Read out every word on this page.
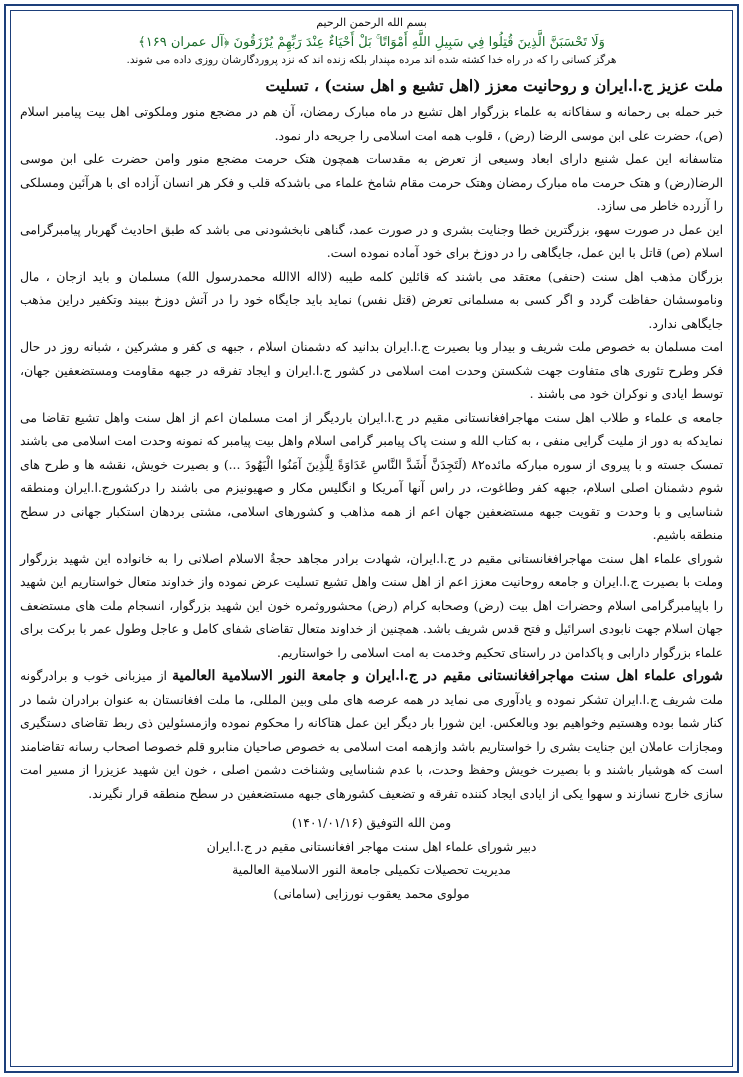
بسم الله الرحمن الرحیم
وَلَا تَحْسَبَنَّ الَّذِينَ قُتِلُوا فِي سَبِيلِ اللَّهِ أَمْوَاتًا ۚ بَلْ أَحْيَاءٌ عِنْدَ رَبِّهِمْ يُرْزَقُونَ ﴿آل عمران ۱۶۹﴾
هرگز کسانی را که در راه خدا کشته شده اند مرده مپندار بلکه زنده اند که نزد پروردگارشان روزی داده می شوند.
ملت عزیز ج.ا.ایران و روحانیت معزز (اهل تشیع و اهل سنت) ، تسلیت

خبر حمله بی رحمانه و سفاکانه به علماء بزرگوار اهل تشیع در ماه مبارک رمضان، آن هم در مضجع منور وملکوتی اهل بیت پیامبر اسلام (ص)، حضرت علی ابن موسی الرضا (رض) ، قلوب همه امت اسلامی را جریحه دار نمود.

متاسفانه این عمل شنیع دارای ابعاد وسیعی از تعرض به مقدسات همچون هتک حرمت مضجع منور وامن حضرت علی ابن موسی الرضا(رض) و هتک حرمت ماه مبارک رمضان وهتک حرمت مقام شامخ علماء می باشدکه قلب و فکر هر انسان آزاده ای با هرآئین ومسلکی را آزرده خاطر می سازد.

این عمل در صورت سهو، بزرگترین خطا وجنایت بشری و در صورت عمد، گناهی نابخشودنی می باشد که طبق احادیث گهربار پیامبرگرامی اسلام (ص) قاتل با این عمل، جایگاهی را در دوزخ برای خود آماده نموده است.

بزرگان مذهب اهل سنت (حنفی) معتقد می باشند که قائلین کلمه طیبه (لااله الاالله محمدرسول الله) مسلمان و باید ازجان ، مال وناموسشان حفاظت گردد و اگر کسی به مسلمانی تعرض (قتل نفس) نماید باید جایگاه خود را در آتش دوزخ ببیند وتکفیر دراین مذهب جایگاهی ندارد.

امت مسلمان به خصوص ملت شریف و بیدار وبا بصیرت ج.ا.ایران بدانید که دشمنان اسلام ، جبهه ی کفر و مشرکین ، شبانه روز در حال فکر وطرح تئوری های متفاوت جهت شکستن وحدت امت اسلامی در کشور ج.ا.ایران و ایجاد تفرقه در جبهه مقاومت ومستضعفین جهان، توسط ایادی و نوکران خود می باشند .

جامعه ی علماء و طلاب اهل سنت مهاجرافغانستانی مقیم در ج.ا.ایران باردیگر از امت مسلمان اعم از اهل سنت واهل تشیع تقاضا می نمایدکه به دور از ملیت گرایی منفی ، به کتاب الله و سنت پاک پیامبر گرامی اسلام واهل بیت پیامبر که نمونه وحدت امت اسلامی می باشند تمسک جسته و با پیروی از سوره مبارکه مائده۸۲ (لَتَجِدَنَّ أَشَدَّ النَّاسِ عَدَاوَةً لِلَّذِينَ آمَنُوا الْيَهُودَ ...) و بصیرت خویش، نقشه ها و طرح های شوم دشمنان اصلی اسلام، جبهه کفر وطاغوت، در راس آنها آمریکا و انگلیس مکار و صهیونیزم می باشند را درکشورج.ا.ایران ومنطقه شناسایی و با وحدت و تقویت جبهه مستضعفین جهان اعم از همه مذاهب و کشورهای اسلامی، مشتی بردهان استکبار جهانی در سطح منطقه باشیم.

شورای علماء اهل سنت مهاجرافغانستانی مقیم در ج.ا.ایران، شهادت برادر مجاهد حجةُ الاسلام اصلانی را به خانواده این شهید بزرگوار وملت با بصیرت ج.ا.ایران و جامعه روحانیت معزز اعم از اهل سنت واهل تشیع تسلیت عرض نموده واز خداوند متعال خواستاریم این شهید را باپیامبرگرامی اسلام وحضرات اهل بیت (رض) وصحابه کرام (رض) محشوروثمره خون این شهید بزرگوار، انسجام ملت های مستضعف جهان اسلام جهت نابودی اسرائیل و فتح قدس شریف باشد. همچنین از خداوند متعال تقاضای شفای کامل و عاجل وطول عمر با برکت برای علماء بزرگوار دارابی و پاکدامن در راستای تحکیم وخدمت به امت اسلامی را خواستاریم.

شورای علماء اهل سنت مهاجرافغانستانی مقیم در ج.ا.ایران و جامعة النور الاسلامیة العالمیة از میزبانی خوب و برادرگونه ملت شریف ج.ا.ایران تشکر نموده و یادآوری می نماید در همه عرصه های ملی وبین المللی، ما ملت افغانستان به عنوان برادران شما در کنار شما بوده وهستیم وخواهیم بود وبالعکس. این شورا بار دیگر این عمل هتاکانه را محکوم نموده وازمسئولین ذی ربط تقاضای دستگیری ومجازات عاملان این جنایت بشری را خواستاریم باشد وازهمه امت اسلامی به خصوص صاحیان منابرو قلم خصوصا اصحاب رسانه تقاضامند است که هوشیار باشند و با بصیرت خویش وحفظ وحدت، با عدم شناسایی وشناخت دشمن اصلی ، خون این شهید عزیزرا از مسیر امت سازی خارج نسازند و سهوا یکی از ایادی ایجاد کننده تفرقه و تضعیف کشورهای جبهه مستضعفین در سطح منطقه قرار نگیرند.

ومن الله التوفیق (۱۴۰۱/۰۱/۱۶)
دبیر شورای علماء اهل سنت مهاجر افغانستانی مقیم در ج.ا.ایران
مدیریت تحصیلات تکمیلی جامعة النور الاسلامیة العالمیة
مولوی محمد یعقوب نورزایی (سامانی)
